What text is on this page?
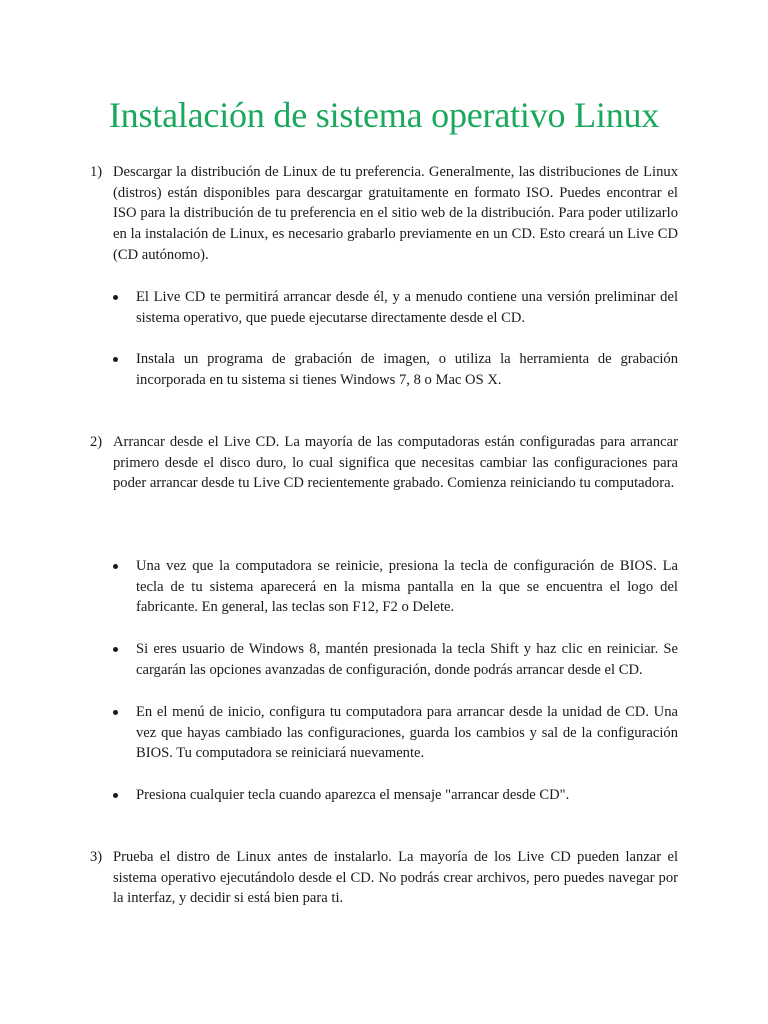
Instalación de sistema operativo Linux
1) Descargar la distribución de Linux de tu preferencia. Generalmente, las distribuciones de Linux (distros) están disponibles para descargar gratuitamente en formato ISO. Puedes encontrar el ISO para la distribución de tu preferencia en el sitio web de la distribución. Para poder utilizarlo en la instalación de Linux, es necesario grabarlo previamente en un CD. Esto creará un Live CD (CD autónomo).
El Live CD te permitirá arrancar desde él, y a menudo contiene una versión preliminar del sistema operativo, que puede ejecutarse directamente desde el CD.
Instala un programa de grabación de imagen, o utiliza la herramienta de grabación incorporada en tu sistema si tienes Windows 7, 8 o Mac OS X.
2) Arrancar desde el Live CD. La mayoría de las computadoras están configuradas para arrancar primero desde el disco duro, lo cual significa que necesitas cambiar las configuraciones para poder arrancar desde tu Live CD recientemente grabado. Comienza reiniciando tu computadora.
Una vez que la computadora se reinicie, presiona la tecla de configuración de BIOS. La tecla de tu sistema aparecerá en la misma pantalla en la que se encuentra el logo del fabricante. En general, las teclas son F12, F2 o Delete.
Si eres usuario de Windows 8, mantén presionada la tecla Shift y haz clic en reiniciar. Se cargarán las opciones avanzadas de configuración, donde podrás arrancar desde el CD.
En el menú de inicio, configura tu computadora para arrancar desde la unidad de CD. Una vez que hayas cambiado las configuraciones, guarda los cambios y sal de la configuración BIOS. Tu computadora se reiniciará nuevamente.
Presiona cualquier tecla cuando aparezca el mensaje "arrancar desde CD".
3) Prueba el distro de Linux antes de instalarlo. La mayoría de los Live CD pueden lanzar el sistema operativo ejecutándolo desde el CD. No podrás crear archivos, pero puedes navegar por la interfaz, y decidir si está bien para ti.
